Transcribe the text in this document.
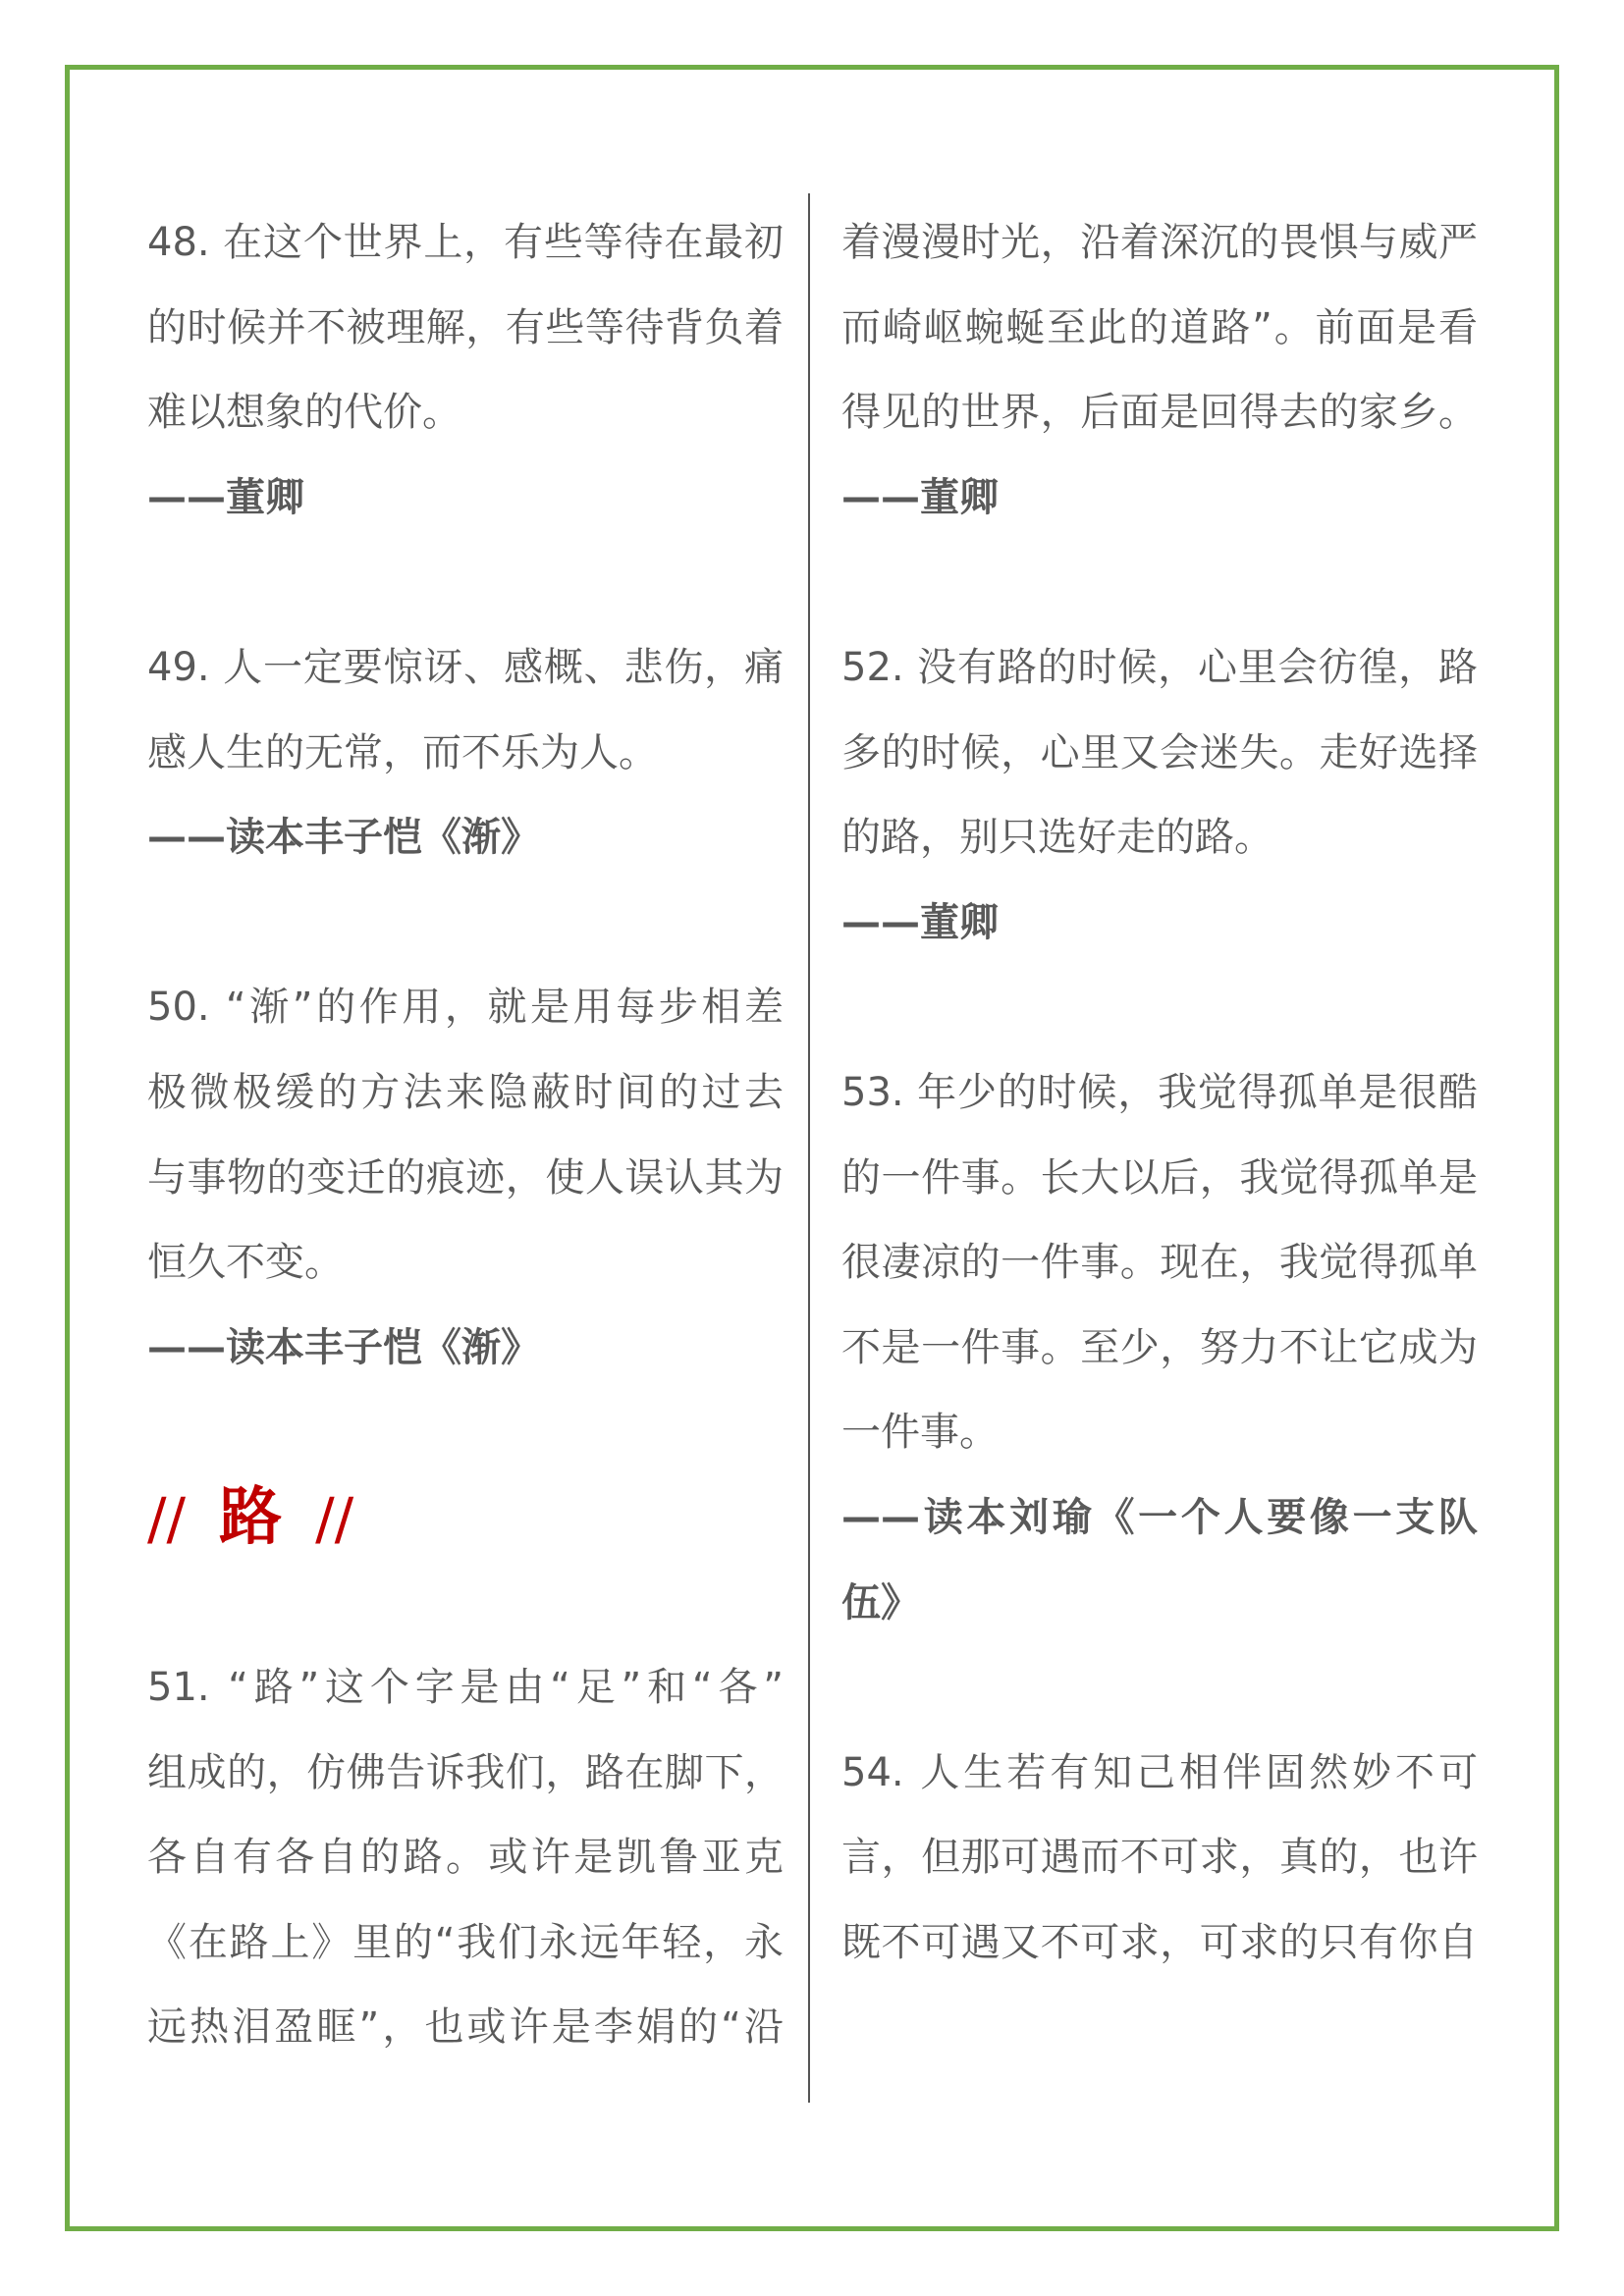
48. 在这个世界上，有些等待在最初
的时候并不被理解，有些等待背负着
难以想象的代价。
——董卿
49. 人一定要惊讶、感概、悲伤，痛
感人生的无常，而不乐为人。
——读本丰子恺《渐》
50. “渐”的作用，就是用每步相差
极微极缓的方法来隐蔽时间的过去
与事物的变迁的痕迹，使人误认其为
恒久不变。
——读本丰子恺《渐》
// 路 //
51. “路”这个字是由“足”和“各”
组成的，仿佛告诉我们，路在脚下，
各自有各自的路。或许是凯鲁亚克
《在路上》里的“我们永远年轻，永
远热泪盈眶”，也或许是李娟的“沿
着漫漫时光，沿着深沉的畏惧与威严
而崎岖蜿蜒至此的道路”。前面是看
得见的世界，后面是回得去的家乡。
——董卿
52. 没有路的时候，心里会彷徨，路
多的时候，心里又会迷失。走好选择
的路，别只选好走的路。
——董卿
53. 年少的时候，我觉得孤单是很酷
的一件事。长大以后，我觉得孤单是
很凄凉的一件事。现在，我觉得孤单
不是一件事。至少，努力不让它成为
一件事。
——读本刘瑜《一个人要像一支队
伍》
54. 人生若有知己相伴固然妙不可
言，但那可遇而不可求，真的，也许
既不可遇又不可求，可求的只有你自
